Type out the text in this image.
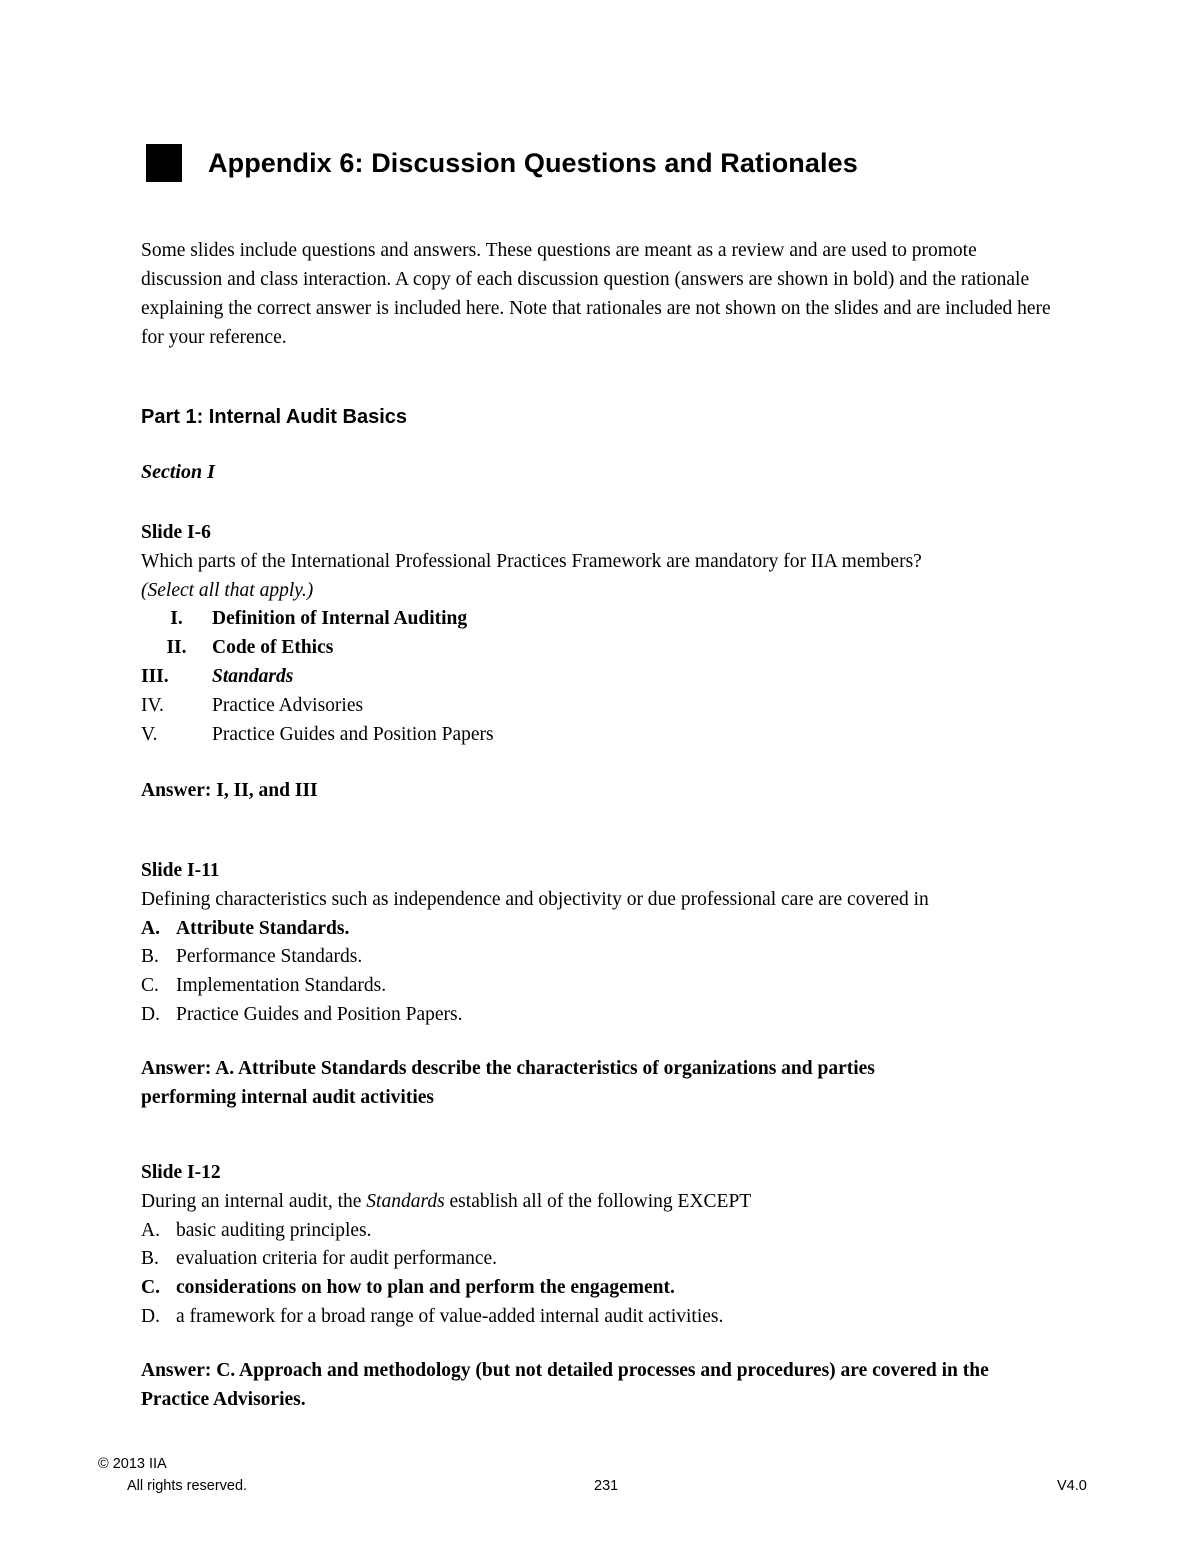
Appendix 6: Discussion Questions and Rationales

Some slides include questions and answers. These questions are meant as a review and are used to promote discussion and class interaction. A copy of each discussion question (answers are shown in bold) and the rationale explaining the correct answer is included here. Note that rationales are not shown on the slides and are included here for your reference.

Part 1: Internal Audit Basics

Section I

Slide I-6

Which parts of the International Professional Practices Framework are mandatory for IIA members?

(Select all that apply.)

I.	Definition of Internal Auditing
II.	Code of Ethics
III.	Standards
IV.	Practice Advisories
V.	Practice Guides and Position Papers

Answer: I, II, and III

Slide I-11

Defining characteristics such as independence and objectivity or due professional care are covered in

A. Attribute Standards.
B. Performance Standards.
C. Implementation Standards.
D. Practice Guides and Position Papers.

Answer: A. Attribute Standards describe the characteristics of organizations and parties performing internal audit activities

Slide I-12

During an internal audit, the Standards establish all of the following EXCEPT

A. basic auditing principles.
B. evaluation criteria for audit performance.
C. considerations on how to plan and perform the engagement.
D. a framework for a broad range of value-added internal audit activities.

Answer: C. Approach and methodology (but not detailed processes and procedures) are covered in the Practice Advisories.

© 2013 IIA
All rights reserved.	231	V4.0
